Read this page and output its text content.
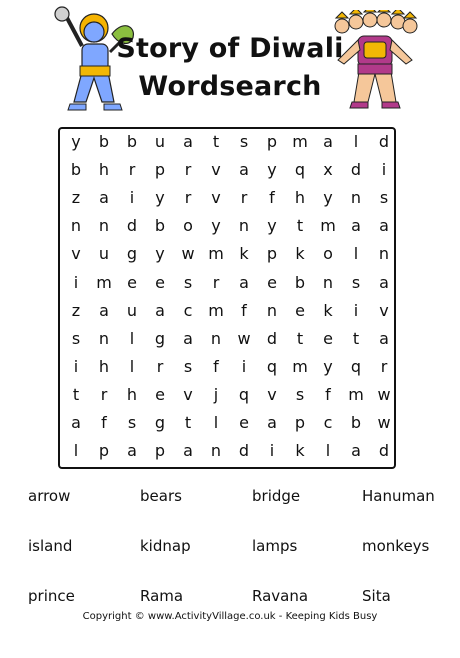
Story of Diwali
Wordsearch
y	b	b	u	a	t	s	p m a	l	d
b	h	r	p	r	v	a	y	q	x	d	i
z	a	i	y	r	v	r	f	h	y	n	s
n	n	d	b	o	y	n	y	t	m a	a
v	u	g	y	w m k	p	k	o	l	n
i	m e	e	s	r	a	e	b	n	s	a
z	a	u	a	c m	f	n	e	k	i	v
s	n	l	g	a	n	w	d	t	e	t	a
i	h	l	r	s	f	i	q m y	q	r
t	r	h	e	v	j	q	v	s	f	m w
a	f	s	g	t	l	e	a	p	c	b	w
l	p	a	p	a	n	d	i	k	l	a	d
arrow	bears	bridge	Hanuman
island	kidnap	lamps	monkeys
prince	Rama	Ravana	Sita
Copyright © www.ActivityVillage.co.uk - Keeping Kids Busy
